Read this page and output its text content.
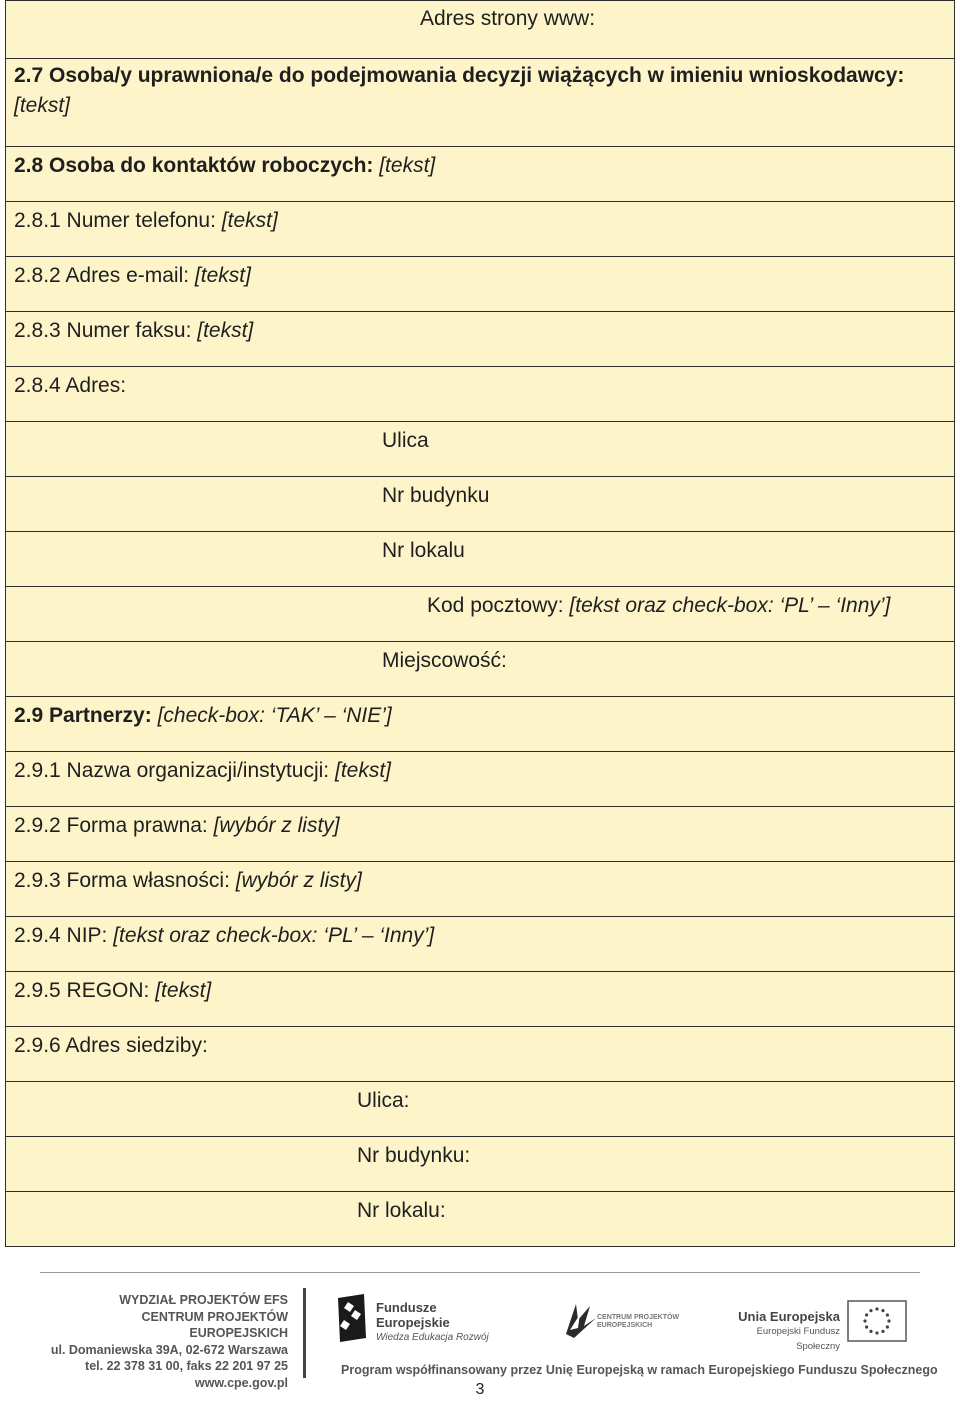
Adres strony www:
2.7 Osoba/y uprawniona/e do podejmowania decyzji wiążących w imieniu wnioskodawcy: [tekst]
2.8 Osoba do kontaktów roboczych: [tekst]
2.8.1 Numer telefonu: [tekst]
2.8.2 Adres e-mail: [tekst]
2.8.3 Numer faksu: [tekst]
2.8.4 Adres:
Ulica
Nr budynku
Nr lokalu
Kod pocztowy: [tekst oraz check-box: ‘PL’ – ‘Inny’]
Miejscowość:
2.9 Partnerzy: [check-box: ‘TAK’ – ‘NIE’]
2.9.1 Nazwa organizacji/instytucji: [tekst]
2.9.2 Forma prawna: [wybór z listy]
2.9.3 Forma własności: [wybór z listy]
2.9.4 NIP: [tekst oraz check-box: ‘PL’ – ‘Inny’]
2.9.5 REGON: [tekst]
2.9.6 Adres siedziby:
Ulica:
Nr budynku:
Nr lokalu:
WYDZIAŁ PROJEKTÓW EFS
CENTRUM PROJEKTÓW EUROPEJSKICH
ul. Domaniewska 39A, 02-672 Warszawa
tel. 22 378 31 00, faks 22 201 97 25
www.cpe.gov.pl
Fundusze
Europejskie
Wiedza Edukacja Rozwój
CENTRUM PROJEKTÓW
EUROPEJSKICH
Unia Europejska
Europejski Fundusz Społeczny
Program współfinansowany przez Unię Europejską w ramach Europejskiego Funduszu Społecznego
3
